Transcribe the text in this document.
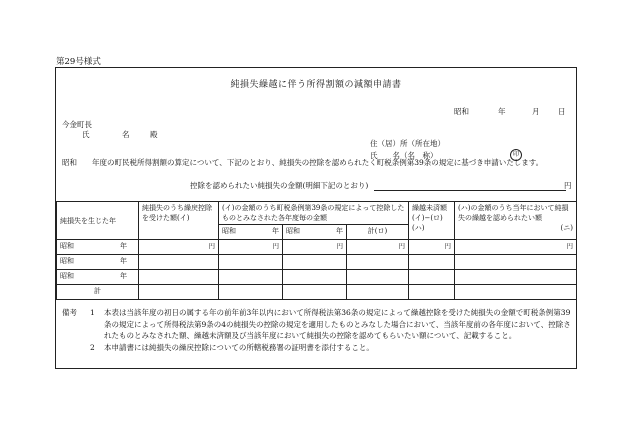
第29号様式
純損失繰越に伴う所得割額の減額申請書
昭和	年	月 日
今金町長
氏	名	殿
住（居）所（所在地）
氏　　名（名　称）	印
昭和　　年度の町民税所得割額の算定について、下記のとおり、純損失の控除を認められたく町税条例第39条の規定に基づき申請いたします。
控除を認められたい純損失の金額(明細下記のとおり)	円
純損失を生じた年	純損失のうち繰戻控除を受けた額(イ)	(イ)の金額のうち町税条例第39条の規定によって控除したものとみなされた各年度毎の金額			繰越未済額(イ)−(ロ)(ハ)	(ハ)の金額のうち当年において純損失の繰越を認められたい額
(ニ)

		昭和 年	昭和 年	計(ロ)		
昭和 年	円	円	円	円	円	円
昭和 年						

昭和 年						

計						
備考	1	本表は当該年度の初日の属する年の前年前3年以内において所得税法第36条の規定によって繰越控除を受けた純損失の金額で町税条例第39条の規定によって所得税法第9条の4の純損失の控除の規定を適用したものとみなした場合において、当該年度前の各年度において、控除されたものとみなされた額、繰越未済額及び当該年度において純損失の控除を認めてもらいたい額について、記載すること。
2	本申請書には純損失の繰戻控除についての所轄税務署の証明書を添付すること。
